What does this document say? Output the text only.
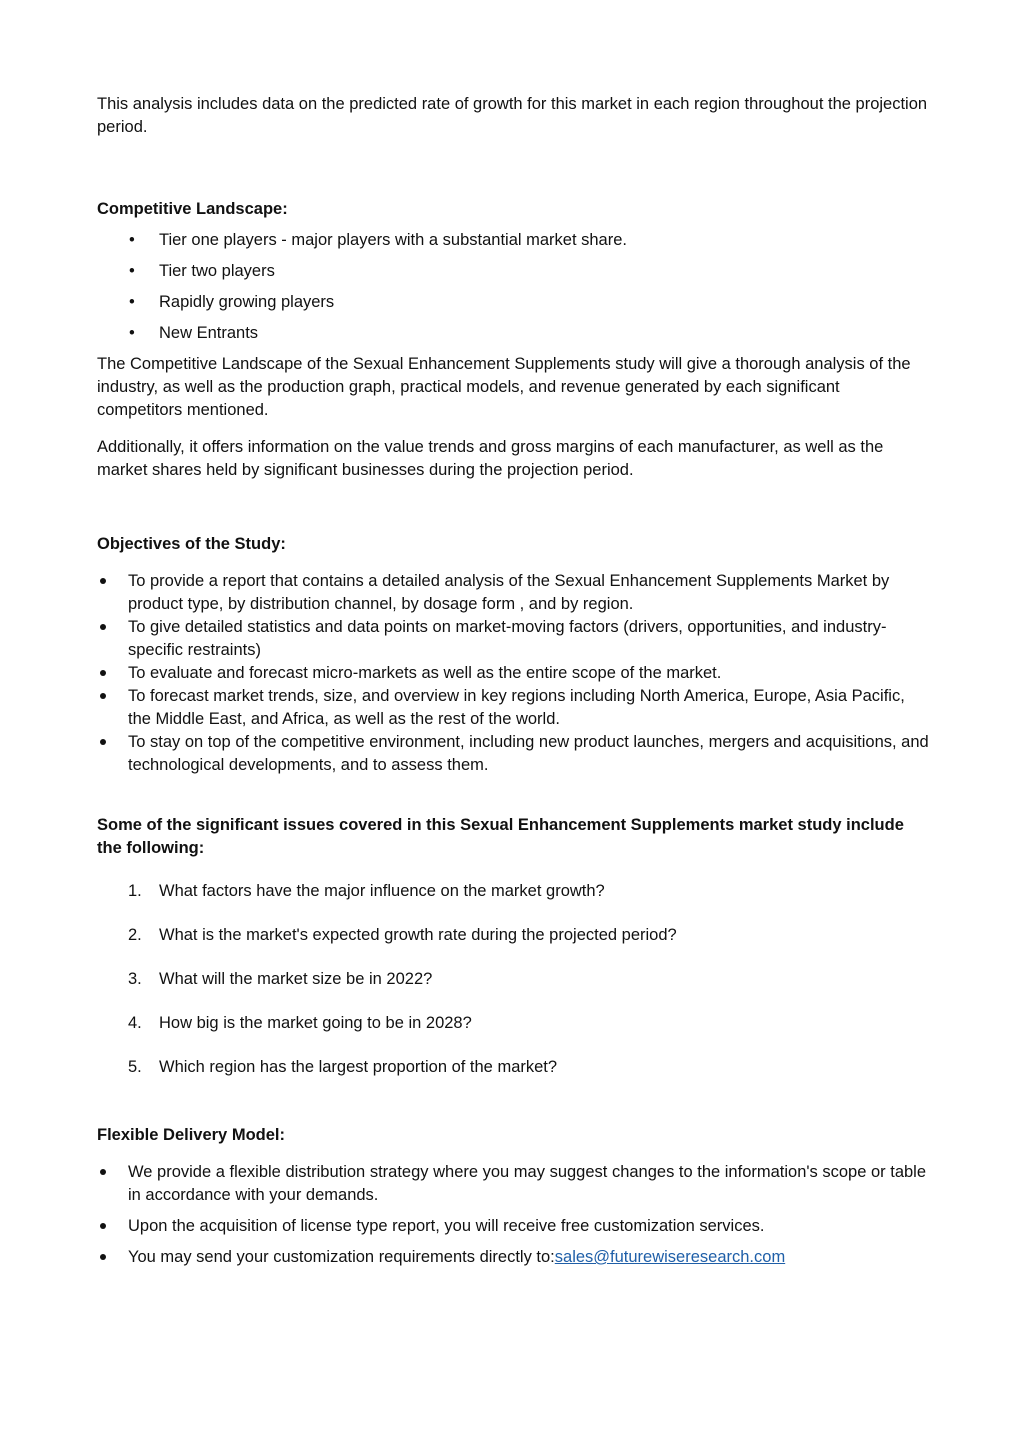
This analysis includes data on the predicted rate of growth for this market in each region throughout the projection period.

Competitive Landscape:

• Tier one players - major players with a substantial market share.
• Tier two players
• Rapidly growing players
• New Entrants

The Competitive Landscape of the Sexual Enhancement Supplements study will give a thorough analysis of the industry, as well as the production graph, practical models, and revenue generated by each significant competitors mentioned.

Additionally, it offers information on the value trends and gross margins of each manufacturer, as well as the market shares held by significant businesses during the projection period.

Objectives of the Study:

To provide a report that contains a detailed analysis of the Sexual Enhancement Supplements Market by product type, by distribution channel, by dosage form , and by region.
To give detailed statistics and data points on market-moving factors (drivers, opportunities, and industry-specific restraints)
To evaluate and forecast micro-markets as well as the entire scope of the market.
To forecast market trends, size, and overview in key regions including North America, Europe, Asia Pacific, the Middle East, and Africa, as well as the rest of the world.
To stay on top of the competitive environment, including new product launches, mergers and acquisitions, and technological developments, and to assess them.

Some of the significant issues covered in this Sexual Enhancement Supplements market study include the following:

1. What factors have the major influence on the market growth?
2. What is the market's expected growth rate during the projected period?
3. What will the market size be in 2022?
4. How big is the market going to be in 2028?
5. Which region has the largest proportion of the market?

Flexible Delivery Model:

We provide a flexible distribution strategy where you may suggest changes to the information's scope or table in accordance with your demands.
Upon the acquisition of license type report, you will receive free customization services.
You may send your customization requirements directly to:sales@futurewiseresearch.com
